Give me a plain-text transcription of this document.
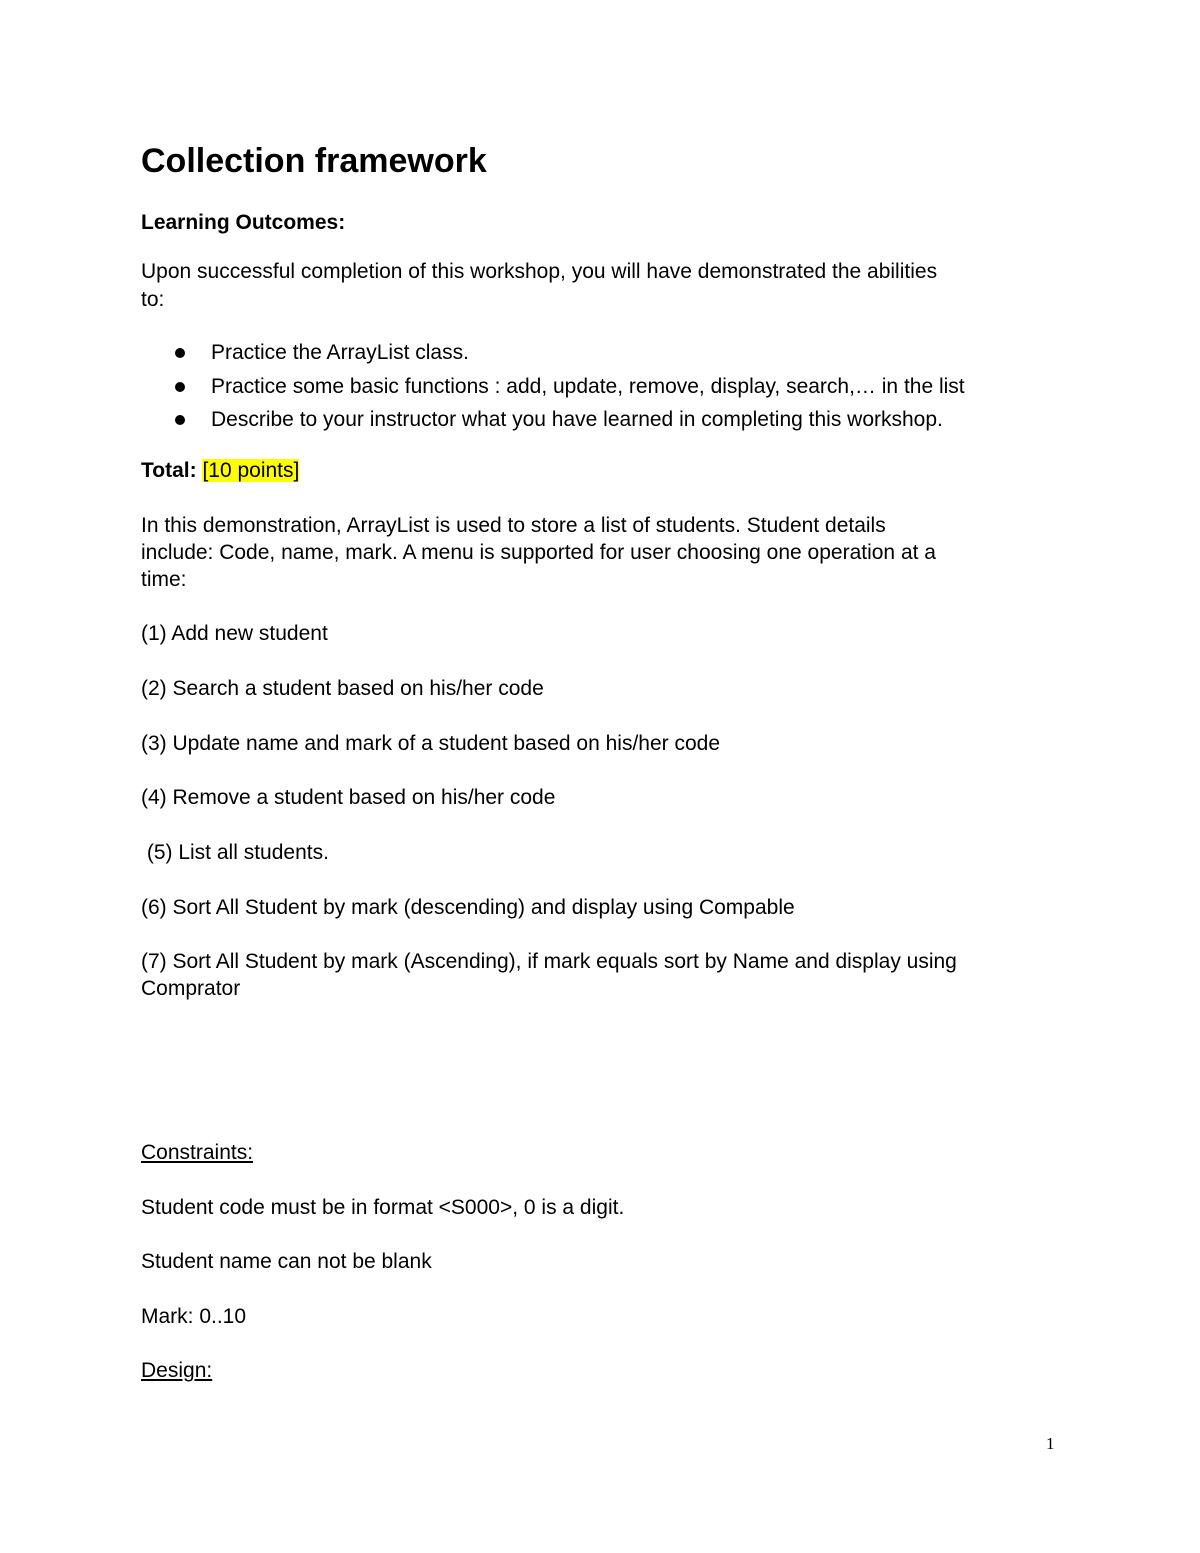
Collection framework
Learning Outcomes:
Upon successful completion of this workshop, you will have demonstrated the abilities
to:
Practice the ArrayList class.
Practice some basic functions : add, update, remove, display, search,… in the list
Describe to your instructor what you have learned in completing this workshop.
Total: [10 points]
In this demonstration, ArrayList is used to store a list of students. Student details
include: Code, name, mark. A menu is supported for user choosing one operation at a
time:
(1) Add new student
(2) Search a student based on his/her code
(3) Update name and mark of a student based on his/her code
(4) Remove a student based on his/her code
(5) List all students.
(6) Sort All Student by mark (descending) and display using Compable
(7) Sort All Student by mark (Ascending), if mark equals sort by Name and display using
Comprator
Constraints:
Student code must be in format <S000>, 0 is a digit.
Student name can not be blank
Mark: 0..10
Design:
1
